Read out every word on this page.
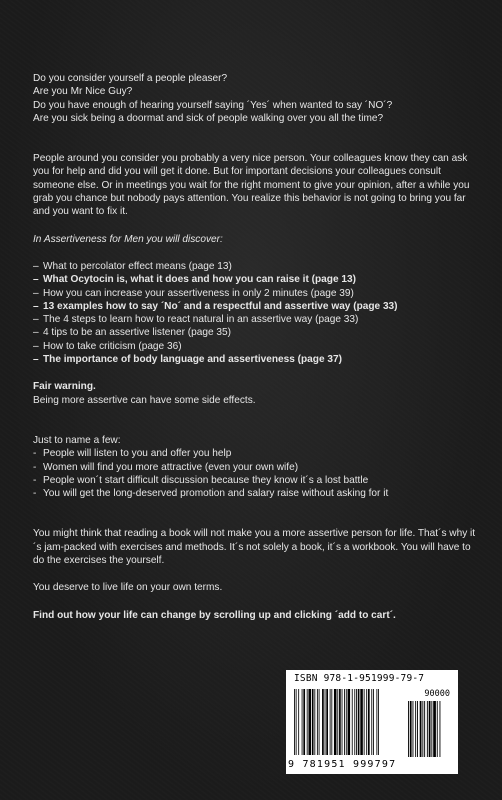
Do you consider yourself a people pleaser?

Are you Mr Nice Guy?

Do you have enough of hearing yourself saying ´Yes´ when wanted to say ´NO´?

Are you sick being a doormat and sick of people walking over you all the time?

People around you consider you probably a very nice person. Your colleagues know they can ask you for help and did you will get it done. But for important decisions your colleagues consult someone else. Or in meetings you wait for the right moment to give your opinion, after a while you grab you chance but nobody pays attention. You realize this behavior is not going to bring you far and you want to fix it.

In Assertiveness for Men you will discover:

– What to percolator effect means (page 13)
– What Ocytocin is, what it does and how you can raise it (page 13)
– How you can increase your assertiveness in only 2 minutes (page 39)
– 13 examples how to say ´No´ and a respectful and assertive way (page 33)
– The 4 steps to learn how to react natural in an assertive way (page 33)
– 4 tips to be an assertive listener (page 35)
– How to take criticism (page 36)
– The importance of body language and assertiveness (page 37)

Fair warning.

Being more assertive can have some side effects.

Just to name a few:

- People will listen to you and offer you help
- Women will find you more attractive (even your own wife)
- People won´t start difficult discussion because they know it´s a lost battle
- You will get the long-deserved promotion and salary raise without asking for it

You might think that reading a book will not make you a more assertive person for life. That´s why it´s jam-packed with exercises and methods. It´s not solely a book, it´s a workbook. You will have to do the exercises the yourself.

You deserve to live life on your own terms.

Find out how your life can change by scrolling up and clicking ´add to cart´.

ISBN 978-1-951999-79-7
90000
9 781951 999797
